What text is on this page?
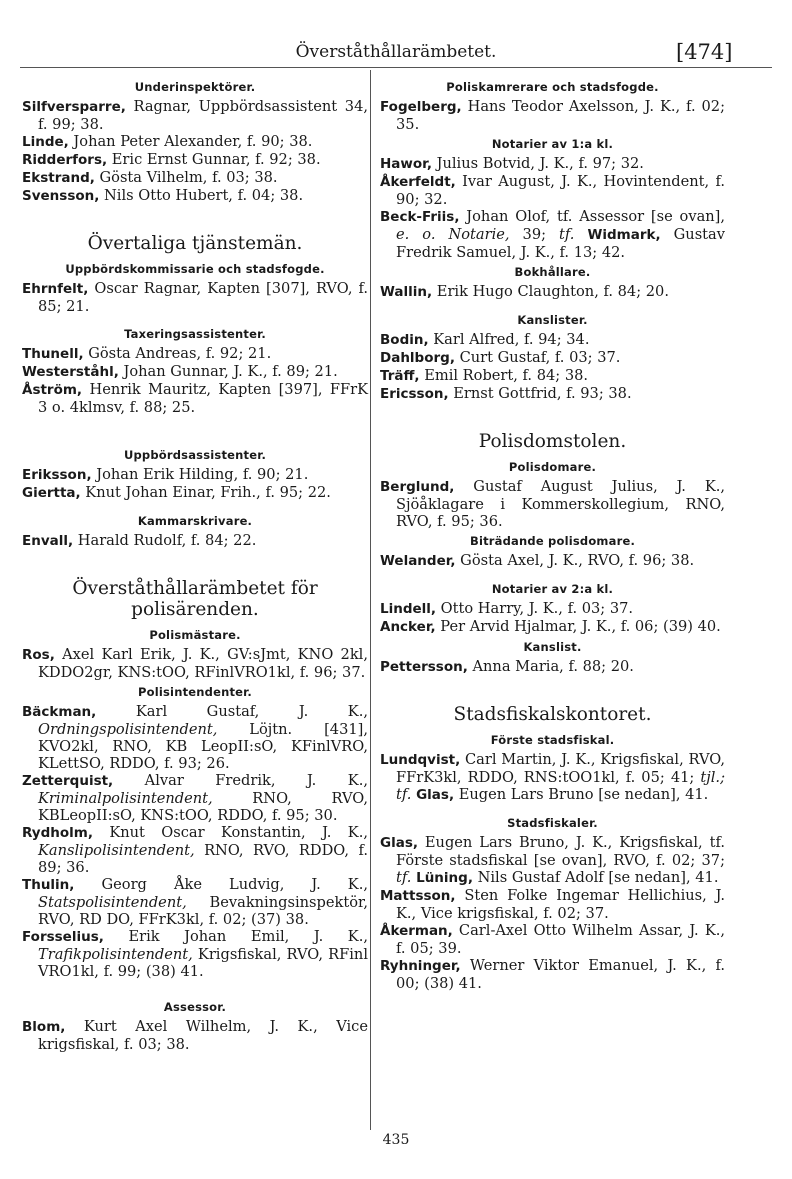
Överståthållarämbetet.	[474]
Underinspektörer.
Silfversparre, Ragnar, Uppbördsassistent 34, f. 99; 38.
Linde, Johan Peter Alexander, f. 90; 38.
Ridderfors, Eric Ernst Gunnar, f. 92; 38.
Ekstrand, Gösta Vilhelm, f. 03; 38.
Svensson, Nils Otto Hubert, f. 04; 38.
Övertaliga tjänstemän.
Uppbördskommissarie och stadsfogde.
Ehrnfelt, Oscar Ragnar, Kapten [307], RVO, f. 85; 21.
Taxeringsassistenter.
Thunell, Gösta Andreas, f. 92; 21.
Westerståhl, Johan Gunnar, J. K., f. 89; 21.
Åström, Henrik Mauritz, Kapten [397], FFrK 3 o. 4klmsv, f. 88; 25.
Uppbördsassistenter.
Eriksson, Johan Erik Hilding, f. 90; 21.
Giertta, Knut Johan Einar, Frih., f. 95; 22.
Kammarskrivare.
Envall, Harald Rudolf, f. 84; 22.
Överståthållarämbetet för polisärenden.
Polismästare.
Ros, Axel Karl Erik, J. K., GV:sJmt, KNO 2kl, KDDO2gr, KNS:tOO, RFinlVRO1kl, f. 96; 37.
Polisintendenter.
Bäckman, Karl Gustaf, J. K., Ordningspolisintendent, Löjtn. [431], KVO2kl, RNO, KB LeopII:sO, KFinlVRO, KLettSO, RDDO, f. 93; 26.
Zetterquist, Alvar Fredrik, J. K., Kriminalpolisintendent, RNO, RVO, KBLeopII:sO, KNS:tOO, RDDO, f. 95; 30.
Rydholm, Knut Oscar Konstantin, J. K., Kanslipolisintendent, RNO, RVO, RDDO, f. 89; 36.
Thulin, Georg Åke Ludvig, J. K., Statspolisintendent, Bevakningsinspektör, RVO, RD DO, FFrK3kl, f. 02; (37) 38.
Forsselius, Erik Johan Emil, J. K., Trafikpolisintendent, Krigsfiskal, RVO, RFinl VRO1kl, f. 99; (38) 41.
Assessor.
Blom, Kurt Axel Wilhelm, J. K., Vice krigsfiskal, f. 03; 38.
Poliskamrerare och stadsfogde.
Fogelberg, Hans Teodor Axelsson, J. K., f. 02; 35.
Notarier av 1:a kl.
Hawor, Julius Botvid, J. K., f. 97; 32.
Åkerfeldt, Ivar August, J. K., Hovintendent, f. 90; 32.
Beck-Friis, Johan Olof, tf. Assessor [se ovan], e. o. Notarie, 39; tf. Widmark, Gustav Fredrik Samuel, J. K., f. 13; 42.
Bokhållare.
Wallin, Erik Hugo Claughton, f. 84; 20.
Kanslister.
Bodin, Karl Alfred, f. 94; 34.
Dahlborg, Curt Gustaf, f. 03; 37.
Träff, Emil Robert, f. 84; 38.
Ericsson, Ernst Gottfrid, f. 93; 38.
Polisdomstolen.
Polisdomare.
Berglund, Gustaf August Julius, J. K., Sjöåklagare i Kommerskollegium, RNO, RVO, f. 95; 36.
Biträdande polisdomare.
Welander, Gösta Axel, J. K., RVO, f. 96; 38.
Notarier av 2:a kl.
Lindell, Otto Harry, J. K., f. 03; 37.
Ancker, Per Arvid Hjalmar, J. K., f. 06; (39) 40.
Kanslist.
Pettersson, Anna Maria, f. 88; 20.
Stadsfiskalskontoret.
Förste stadsfiskal.
Lundqvist, Carl Martin, J. K., Krigsfiskal, RVO, FFrK3kl, RDDO, RNS:tOO1kl, f. 05; 41; tjl.; tf. Glas, Eugen Lars Bruno [se nedan], 41.
Stadsfiskaler.
Glas, Eugen Lars Bruno, J. K., Krigsfiskal, tf. Förste stadsfiskal [se ovan], RVO, f. 02; 37; tf. Lüning, Nils Gustaf Adolf [se nedan], 41.
Mattsson, Sten Folke Ingemar Hellichius, J. K., Vice krigsfiskal, f. 02; 37.
Åkerman, Carl-Axel Otto Wilhelm Assar, J. K., f. 05; 39.
Ryhninger, Werner Viktor Emanuel, J. K., f. 00; (38) 41.
435
